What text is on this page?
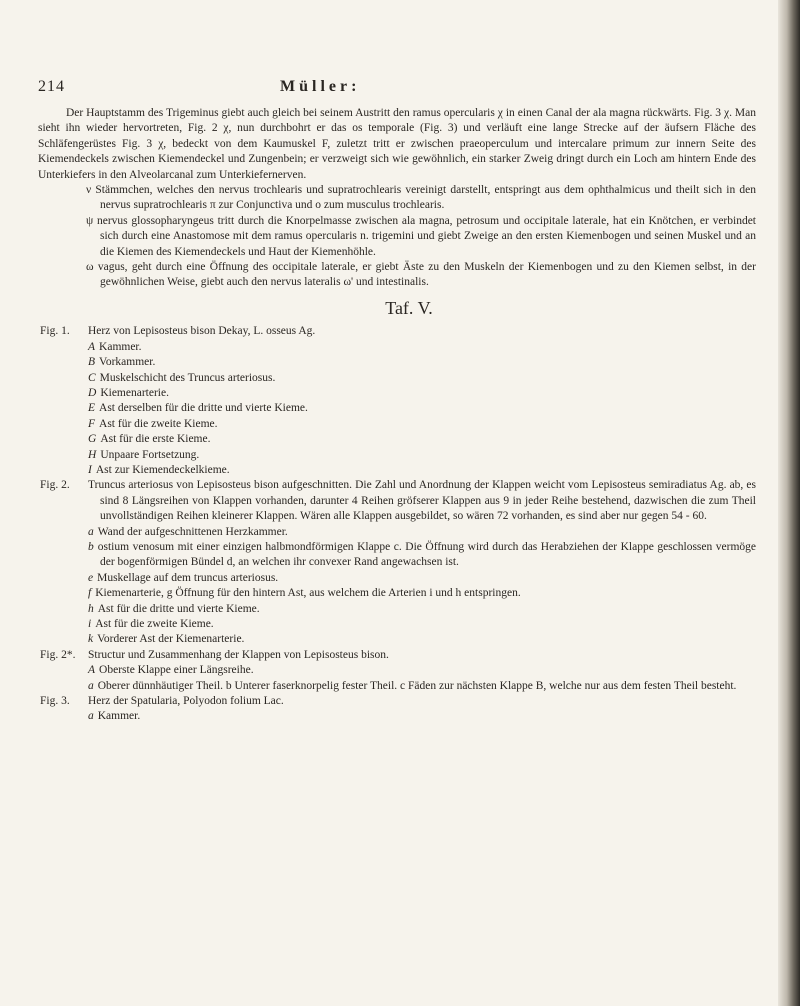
214	Müller:

Der Hauptstamm des Trigeminus giebt auch gleich bei seinem Austritt den ramus opercularis χ in einen Canal der ala magna rückwärts. Fig. 3 χ. Man sieht ihn wieder hervortreten, Fig. 2 χ, nun durchbohrt er das os temporale (Fig. 3) und verläuft eine lange Strecke auf der äufsern Fläche des Schläfengerüstes Fig. 3 χ, bedeckt von dem Kaumuskel F, zuletzt tritt er zwischen praeoperculum und intercalare primum zur innern Seite des Kiemendeckels zwischen Kiemendeckel und Zungenbein; er verzweigt sich wie gewöhnlich, ein starker Zweig dringt durch ein Loch am hintern Ende des Unterkiefers in den Alveolarcanal zum Unterkiefernerven.

ν Stämmchen, welches den nervus trochlearis und supratrochlearis vereinigt darstellt, entspringt aus dem ophthalmicus und theilt sich in den nervus supratrochlearis π zur Conjunctiva und ο zum musculus trochlearis.

ψ nervus glossopharyngeus tritt durch die Knorpelmasse zwischen ala magna, petrosum und occipitale laterale, hat ein Knötchen, er verbindet sich durch eine Anastomose mit dem ramus opercularis n. trigemini und giebt Zweige an den ersten Kiemenbogen und seinen Muskel und an die Kiemen des Kiemendeckels und Haut der Kiemenhöhle.

ω vagus, geht durch eine Öffnung des occipitale laterale, er giebt Äste zu den Muskeln der Kiemenbogen und zu den Kiemen selbst, in der gewöhnlichen Weise, giebt auch den nervus lateralis ω' und intestinalis.

Taf. V.
Fig. 1.	Herz von Lepisosteus bison Dekay, L. osseus Ag.

A Kammer.

B Vorkammer.

C Muskelschicht des Truncus arteriosus.

D Kiemenarterie.

E Ast derselben für die dritte und vierte Kieme.

F Ast für die zweite Kieme.

G Ast für die erste Kieme.

H Unpaare Fortsetzung.

I Ast zur Kiemendeckelkieme.

Fig. 2.	Truncus arteriosus von Lepisosteus bison aufgeschnitten. Die Zahl und Anordnung der Klappen weicht vom Lepisosteus semiradiatus Ag. ab, es sind 8 Längsreihen von Klappen vorhanden, darunter 4 Reihen gröfserer Klappen aus 9 in jeder Reihe bestehend, dazwischen die zum Theil unvollständigen Reihen kleinerer Klappen. Wären alle Klappen ausgebildet, so wären 72 vorhanden, es sind aber nur gegen 54 - 60.

a Wand der aufgeschnittenen Herzkammer.

b ostium venosum mit einer einzigen halbmondförmigen Klappe c. Die Öffnung wird durch das Herabziehen der Klappe geschlossen vermöge der bogenförmigen Bündel d, an welchen ihr convexer Rand angewachsen ist.

e Muskellage auf dem truncus arteriosus.

f Kiemenarterie, g Öffnung für den hintern Ast, aus welchem die Arterien i und h entspringen.

h Ast für die dritte und vierte Kieme.

i Ast für die zweite Kieme.

k Vorderer Ast der Kiemenarterie.

Fig. 2*.	Structur und Zusammenhang der Klappen von Lepisosteus bison.

A Oberste Klappe einer Längsreihe.

a Oberer dünnhäutiger Theil. b Unterer faserknorpelig fester Theil. c Fäden zur nächsten Klappe B, welche nur aus dem festen Theil besteht.

Fig. 3.	Herz der Spatularia, Polyodon folium Lac.

a Kammer.
